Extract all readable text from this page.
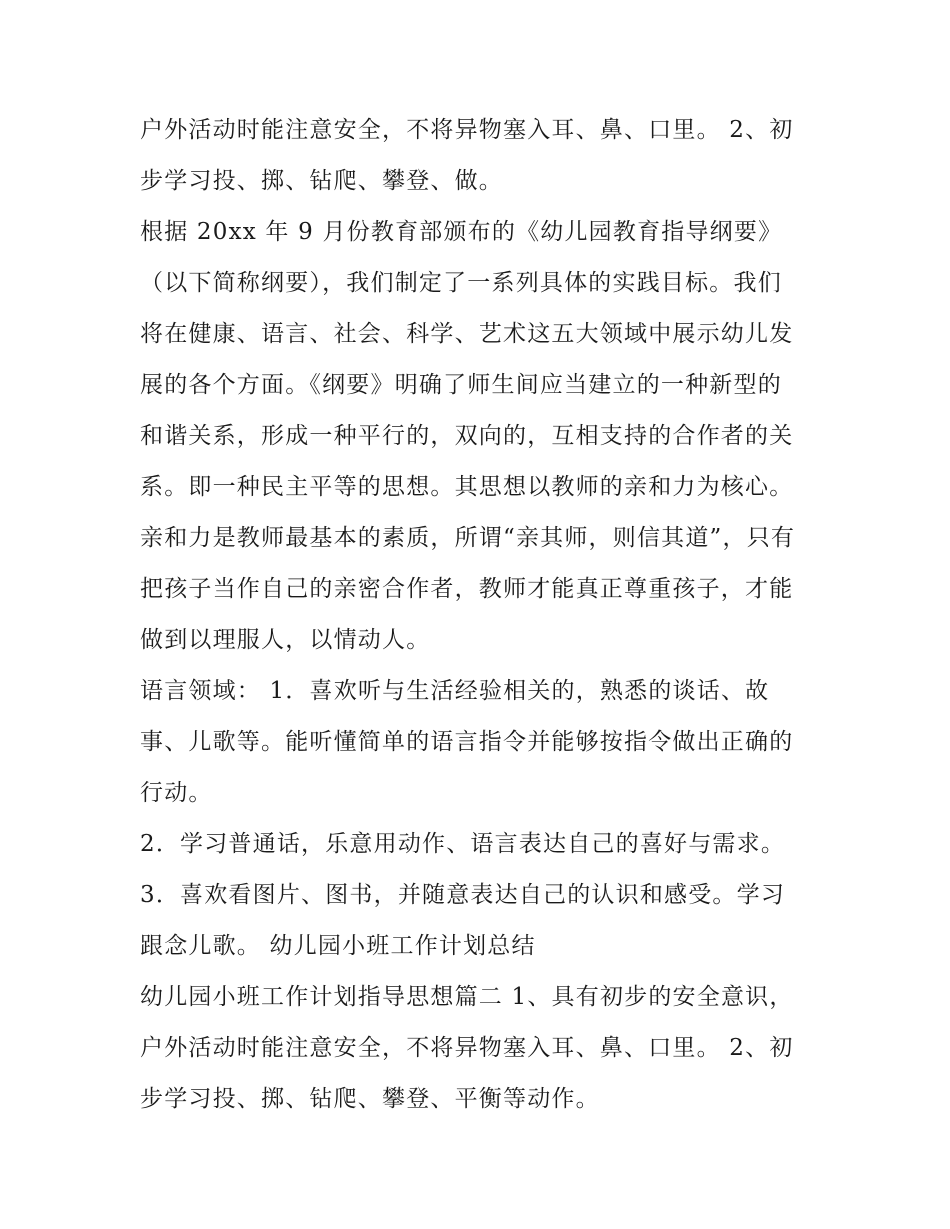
户外活动时能注意安全，不将异物塞入耳、鼻、口里。 2、初
步学习投、掷、钻爬、攀登、做。
根据 20xx 年 9 月份教育部颁布的《幼儿园教育指导纲要》
（以下简称纲要），我们制定了一系列具体的实践目标。我们
将在健康、语言、社会、科学、艺术这五大领域中展示幼儿发
展的各个方面。《纲要》明确了师生间应当建立的一种新型的
和谐关系，形成一种平行的，双向的，互相支持的合作者的关
系。即一种民主平等的思想。其思想以教师的亲和力为核心。
亲和力是教师最基本的素质，所谓“亲其师，则信其道”，只有
把孩子当作自己的亲密合作者，教师才能真正尊重孩子，才能
做到以理服人，以情动人。
语言领域： 1．喜欢听与生活经验相关的，熟悉的谈话、故
事、儿歌等。能听懂简单的语言指令并能够按指令做出正确的
行动。
2．学习普通话，乐意用动作、语言表达自己的喜好与需求。
3．喜欢看图片、图书，并随意表达自己的认识和感受。学习
跟念儿歌。 幼儿园小班工作计划总结
幼儿园小班工作计划指导思想篇二 1、具有初步的安全意识，
户外活动时能注意安全，不将异物塞入耳、鼻、口里。 2、初
步学习投、掷、钻爬、攀登、平衡等动作。
